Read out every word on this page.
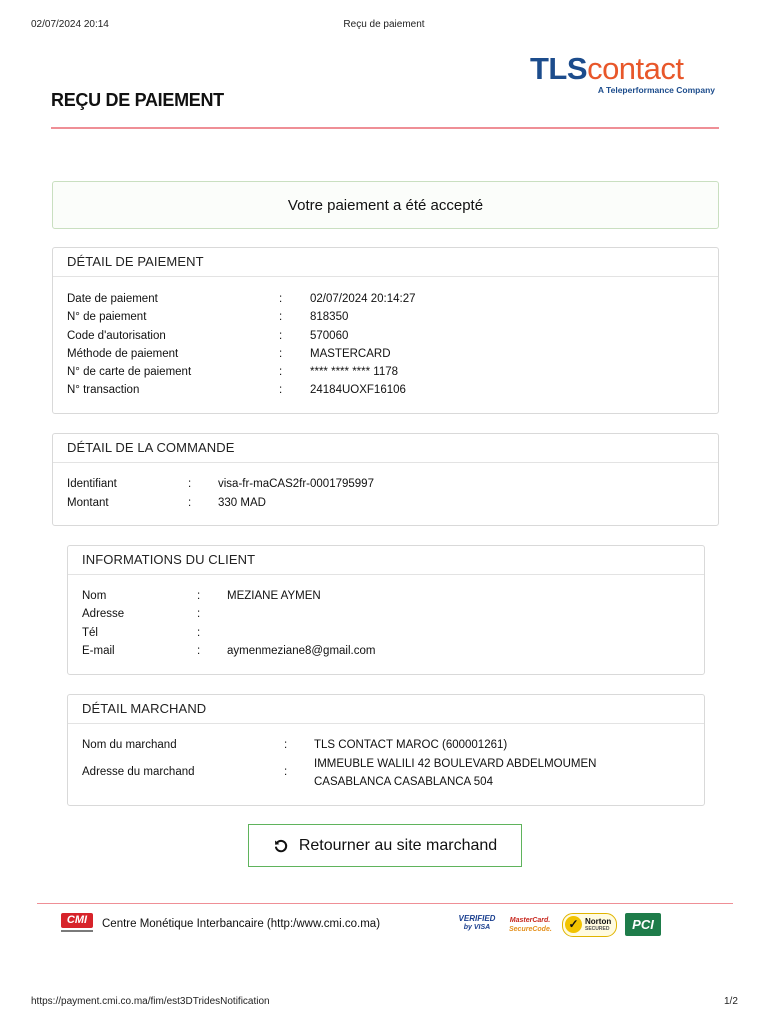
02/07/2024 20:14	Reçu de paiement
TLScontact
A Teleperformance Company
REÇU DE PAIEMENT
Votre paiement a été accepté
DÉTAIL DE PAIEMENT
Date de paiement	: 02/07/2024 20:14:27
N° de paiement	: 818350
Code d'autorisation	: 570060
Méthode de paiement	: MASTERCARD
N° de carte de paiement	: **** **** **** 1178
N° transaction	: 24184UOXF16106
DÉTAIL DE LA COMMANDE
Identifiant	: visa-fr-maCAS2fr-0001795997
Montant	: 330 MAD
INFORMATIONS DU CLIENT
Nom	: MEZIANE AYMEN
Adresse	:
Tél	:
E-mail	: aymenmeziane8@gmail.com
DÉTAIL MARCHAND
Nom du marchand	: TLS CONTACT MAROC (600001261)
Adresse du marchand	:
IMMEUBLE WALILI 42 BOULEVARD ABDELMOUMEN
CASABLANCA CASABLANCA 504
Retourner au site marchand
CMI	Centre Monétique Interbancaire (http:/www.cmi.co.ma)	VERIFIED
by VISA
MasterCard.
SecureCode. ✓ Norton
SECURED	PCI
https://payment.cmi.co.ma/fim/est3DTridesNotification	1/2
